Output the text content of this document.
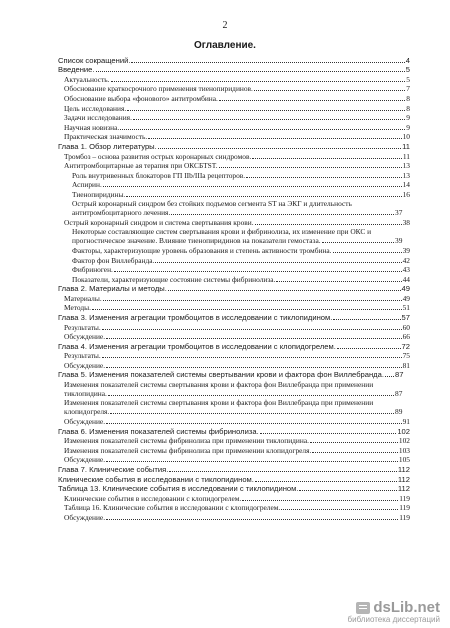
2
Оглавление.
Список сокращений.	4
Введение.	5
Актуальность.	5
Обоснование краткосрочного применения тиенопиридинов.	7
Обоснование выбора «фонового» антитромбина.	8
Цель исследования.	8
Задачи исследования.	9
Научная новизна.	9
Практическая значимость.	10
Глава 1. Обзор литературы.	11
Тромбоз – основа развития острых коронарных синдромов.	11
Антитромбоцитарные ая терапия при ОКСБТST.	13
Роль внутривенных блокаторов ГП IIb/IIIa рецепторов.	13
Аспирин.	14
Тиенопиридины.	16
Острый коронарный синдром без стойких подъемов сегмента ST на ЭКГ и длительность антитромбоцитарного лечения.	37
Острый коронарный синдром и система свертывания крови.	38
Некоторые составляющие систем свертывания крови и фибринолиза, их изменение при ОКС и прогностическое значение. Влияние тиенопиридинов на показатели гемостаза.	39
Факторы, характеризующие уровень образования и степень активности тромбина.	39
Фактор фон Виллебранда.	42
Фибриноген.	43
Показатели, характеризующие состояние системы фибринолиза.	44
Глава 2. Материалы и методы.	49
Материалы.	49
Методы.	51
Глава 3. Изменения агрегации тромбоцитов в исследовании с тиклопидином.	57
Результаты.	60
Обсуждение.	66
Глава 4. Изменения агрегации тромбоцитов в исследовании с клопидогрелем.	72
Результаты.	75
Обсуждение.	81
Глава 5. Изменения показателей системы свертывании крови и фактора фон Виллебранда. 87
Изменения показателей системы свертывания крови и фактора фон Виллебранда при применении тиклопидина.	87
Изменения показателей системы свертывания крови и фактора фон Виллебранда при применении клопидогреля.	89
Обсуждение.	91
Глава 6. Изменения показателей системы фибринолиза.	102
Изменения показателей системы фибринолиза при применении тиклопидина.	102
Изменения показателей системы фибринолиза при применении клопидогреля.	103
Обсуждение.	105
Глава 7. Клинические события.	112
Клинические события в исследовании с тиклопидином.	112
Таблица 13. Клинические события в исследовании с тиклопидином.	112
Клинические события в исследовании с клопидогрелем.	119
Таблица 16. Клинические события в исследовании с клопидогрелем.	119
Обсуждение.	119
dsLib.net
библиотека диссертаций
